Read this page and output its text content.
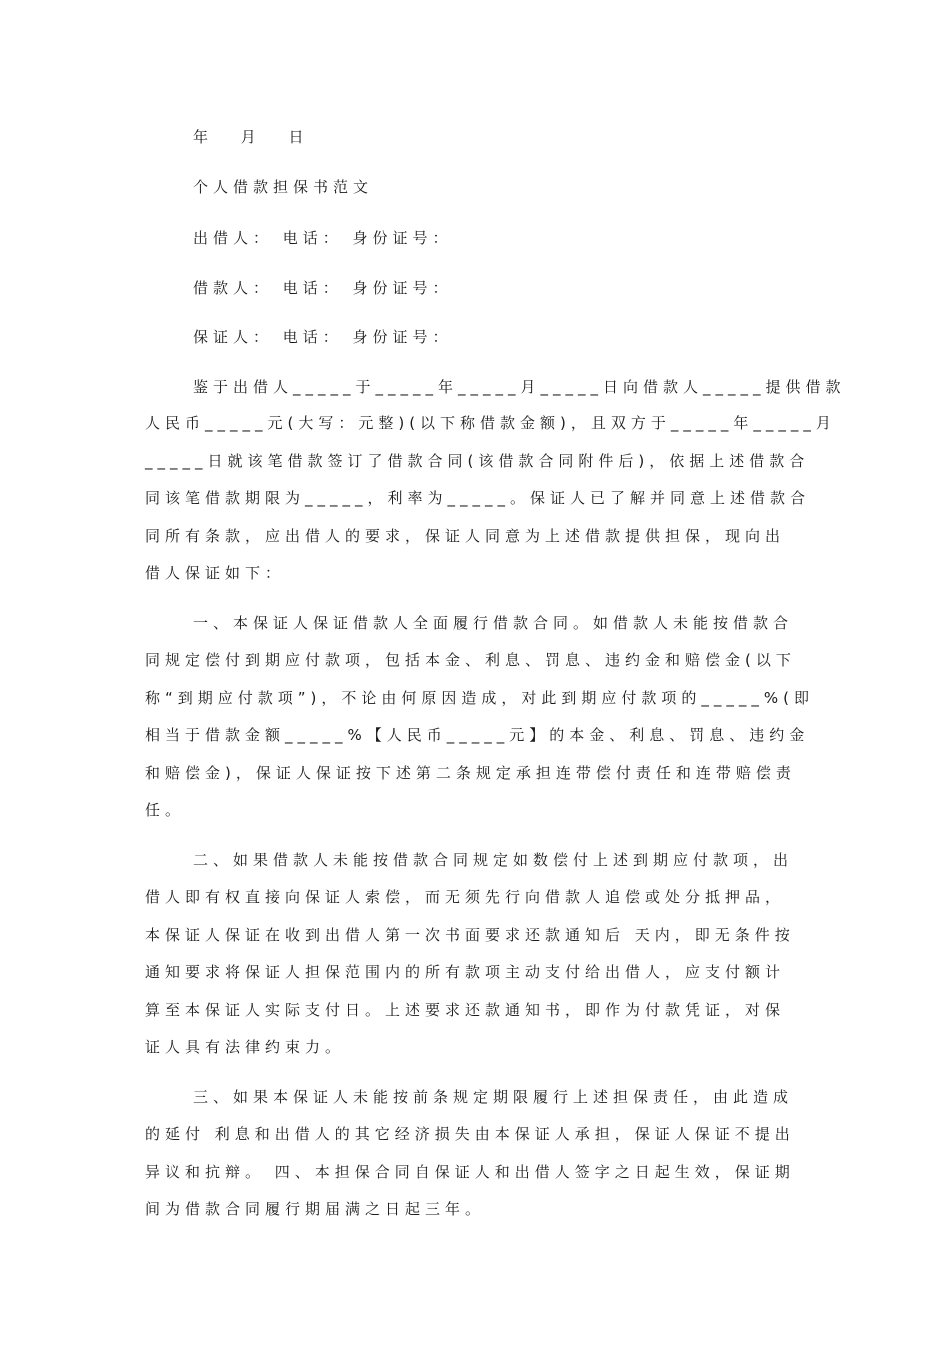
年 月 日

个人借款担保书范文

出借人： 电话： 身份证号：

借款人： 电话： 身份证号：

保证人： 电话： 身份证号：

鉴于出借人_____于_____年_____月_____日向借款人_____提供借款

人民币_____元(大写：元整)(以下称借款金额)，且双方于_____年_____月

_____日就该笔借款签订了借款合同(该借款合同附件后)，依据上述借款合

同该笔借款期限为_____，利率为_____。保证人已了解并同意上述借款合

同所有条款，应出借人的要求，保证人同意为上述借款提供担保，现向出

借人保证如下：

一、本保证人保证借款人全面履行借款合同。如借款人未能按借款合

同规定偿付到期应付款项，包括本金、利息、罚息、违约金和赔偿金(以下

称“到期应付款项”)，不论由何原因造成，对此到期应付款项的_____%(即

相当于借款金额_____%【人民币_____元】的本金、利息、罚息、违约金

和赔偿金)，保证人保证按下述第二条规定承担连带偿付责任和连带赔偿责

任。

二、如果借款人未能按借款合同规定如数偿付上述到期应付款项，出

借人即有权直接向保证人索偿，而无须先行向借款人追偿或处分抵押品，

本保证人保证在收到出借人第一次书面要求还款通知后 天内，即无条件按

通知要求将保证人担保范围内的所有款项主动支付给出借人，应支付额计

算至本保证人实际支付日。上述要求还款通知书，即作为付款凭证，对保

证人具有法律约束力。

三、如果本保证人未能按前条规定期限履行上述担保责任，由此造成

的延付 利息和出借人的其它经济损失由本保证人承担，保证人保证不提出

异议和抗辩。 四、本担保合同自保证人和出借人签字之日起生效，保证期

间为借款合同履行期届满之日起三年。
